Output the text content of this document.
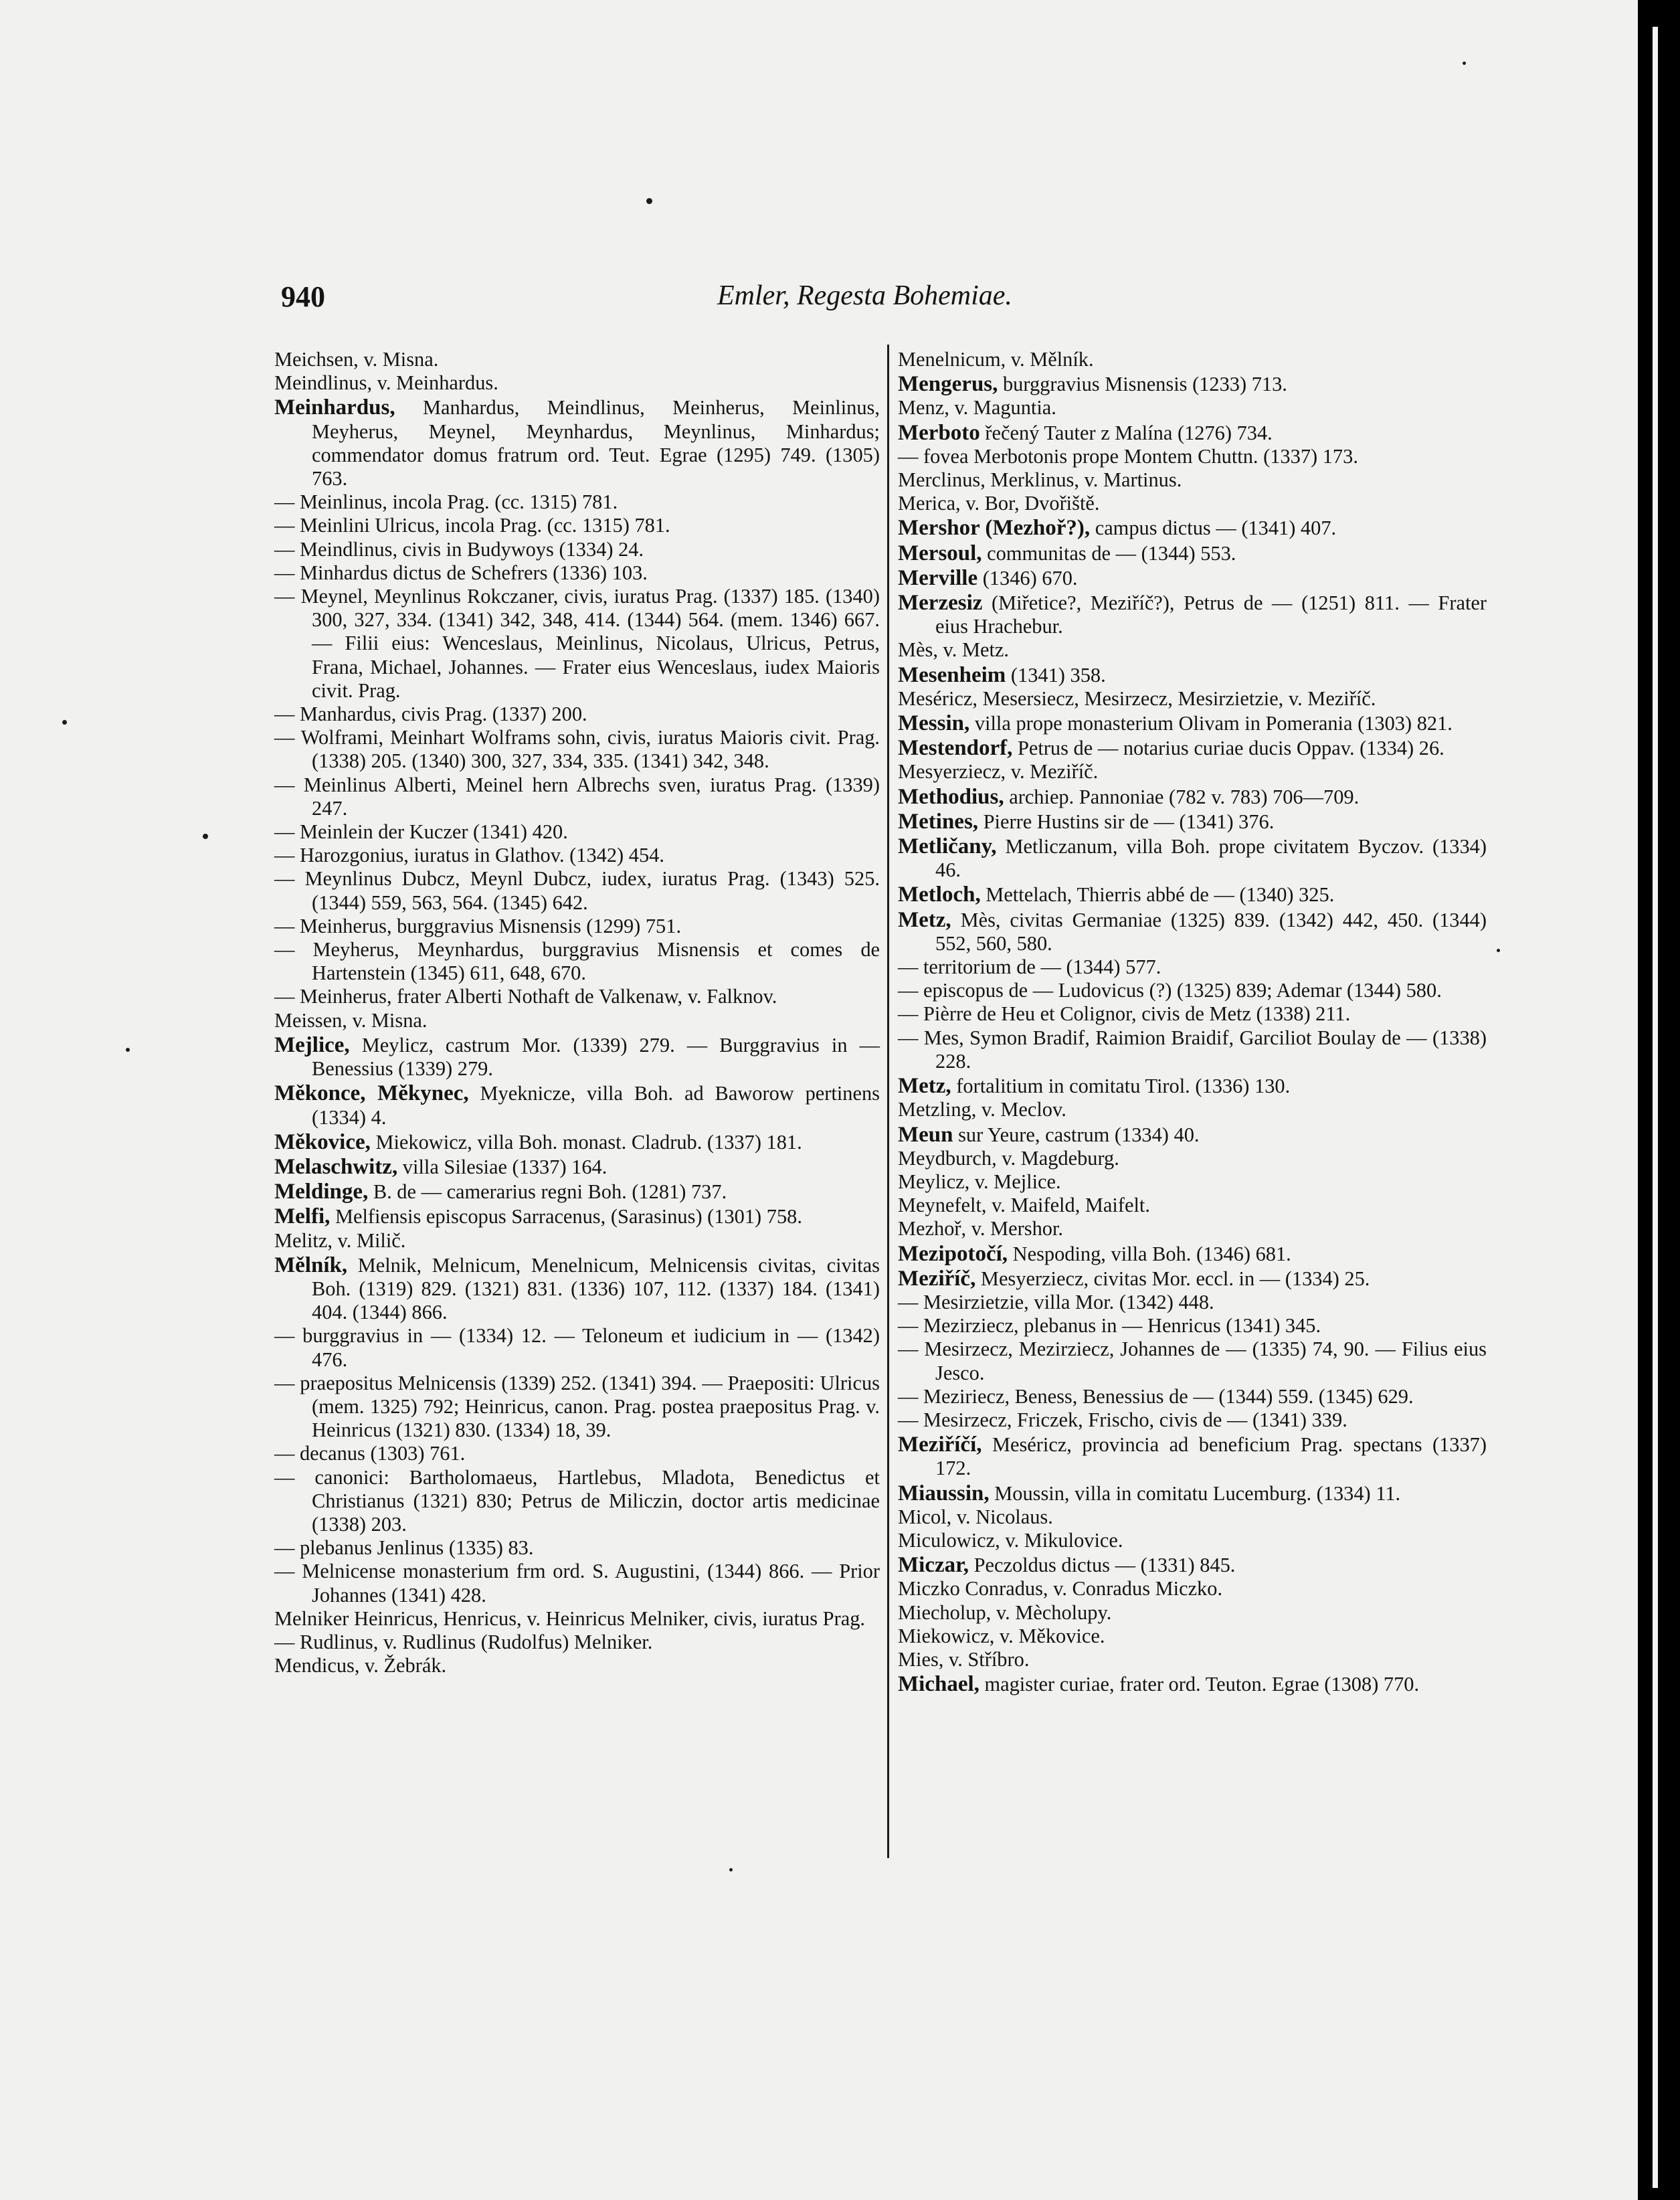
940	Emler, Regesta Bohemiae.
Meichsen, v. Misna.
Meindlinus, v. Meinhardus.
Meinhardus, Manhardus, Meindlinus, Meinherus, Meinlinus, Meyherus, Meynel, Meynhardus, Meynlinus, Minhardus; commendator domus fratrum ord. Teut. Egrae (1295) 749. (1305) 763.
— Meinlinus, incola Prag. (cc. 1315) 781.
— Meinlini Ulricus, incola Prag. (cc. 1315) 781.
— Meindlinus, civis in Budywoys (1334) 24.
— Minhardus dictus de Schefrers (1336) 103.
— Meynel, Meynlinus Rokczaner, civis, iuratus Prag. (1337) 185. (1340) 300, 327, 334. (1341) 342, 348, 414. (1344) 564. (mem. 1346) 667. — Filii eius: Wenceslaus, Meinlinus, Nicolaus, Ulricus, Petrus, Frana, Michael, Johannes. — Frater eius Wenceslaus, iudex Maioris civit. Prag.
— Manhardus, civis Prag. (1337) 200.
— Wolframi, Meinhart Wolframs sohn, civis, iuratus Maioris civit. Prag. (1338) 205. (1340) 300, 327, 334, 335. (1341) 342, 348.
— Meinlinus Alberti, Meinel hern Albrechs sven, iuratus Prag. (1339) 247.
— Meinlein der Kuczer (1341) 420.
— Harozgonius, iuratus in Glathov. (1342) 454.
— Meynlinus Dubcz, Meynl Dubcz, iudex, iuratus Prag. (1343) 525. (1344) 559, 563, 564. (1345) 642.
— Meinherus, burggravius Misnensis (1299) 751.
— Meyherus, Meynhardus, burggravius Misnensis et comes de Hartenstein (1345) 611, 648, 670.
— Meinherus, frater Alberti Nothaft de Valkenaw, v. Falknov.
Meissen, v. Misna.
Mejlice, Meylicz, castrum Mor. (1339) 279. — Burggravius in — Benessius (1339) 279.
Měkonce, Měkynec, Myeknicze, villa Boh. ad Baworow pertinens (1334) 4.
Měkovice, Miekowicz, villa Boh. monast. Cladrub. (1337) 181.
Melaschwitz, villa Silesiae (1337) 164.
Meldinge, B. de — camerarius regni Boh. (1281) 737.
Melfi, Melfiensis episcopus Sarracenus, (Sarasinus) (1301) 758.
Melitz, v. Milič.
Mělník, Melnik, Melnicum, Menelnicum, Melnicensis civitas, civitas Boh. (1319) 829. (1321) 831. (1336) 107, 112. (1337) 184. (1341) 404. (1344) 866.
— burggravius in — (1334) 12. — Teloneum et iudicium in — (1342) 476.
— praepositus Melnicensis (1339) 252. (1341) 394. — Praepositi: Ulricus (mem. 1325) 792; Heinricus, canon. Prag. postea praepositus Prag. v. Heinricus (1321) 830. (1334) 18, 39.
— decanus (1303) 761.
— canonici: Bartholomaeus, Hartlebus, Mladota, Benedictus et Christianus (1321) 830; Petrus de Miliczin, doctor artis medicinae (1338) 203.
— plebanus Jenlinus (1335) 83.
— Melnicense monasterium frm ord. S. Augustini, (1344) 866. — Prior Johannes (1341) 428.
Melniker Heinricus, Henricus, v. Heinricus Melniker, civis, iuratus Prag.
— Rudlinus, v. Rudlinus (Rudolfus) Melniker.
Mendicus, v. Žebrák.
Menelnicum, v. Mělník.
Mengerus, burggravius Misnensis (1233) 713.
Menz, v. Maguntia.
Merboto řečený Tauter z Malína (1276) 734.
— fovea Merbotonis prope Montem Chuttn. (1337) 173.
Merclinus, Merklinus, v. Martinus.
Merica, v. Bor, Dvořiště.
Mershor (Mezhoř?), campus dictus — (1341) 407.
Mersoul, communitas de — (1344) 553.
Merville (1346) 670.
Merzesiz (Miřetice?, Meziříč?), Petrus de — (1251) 811. — Frater eius Hrachebur.
Mès, v. Metz.
Mesenheim (1341) 358.
Meséricz, Mesersiecz, Mesirzecz, Mesirzietzie, v. Meziříč.
Messin, villa prope monasterium Olivam in Pomerania (1303) 821.
Mestendorf, Petrus de — notarius curiae ducis Oppav. (1334) 26.
Mesyerziecz, v. Meziříč.
Methodius, archiep. Pannoniae (782 v. 783) 706—709.
Metines, Pierre Hustins sir de — (1341) 376.
Metličany, Metliczanum, villa Boh. prope civitatem Byczov. (1334) 46.
Metloch, Mettelach, Thierris abbé de — (1340) 325.
Metz, Mès, civitas Germaniae (1325) 839. (1342) 442, 450. (1344) 552, 560, 580.
— territorium de — (1344) 577.
— episcopus de — Ludovicus (?) (1325) 839; Ademar (1344) 580.
— Pièrre de Heu et Colignor, civis de Metz (1338) 211.
— Mes, Symon Bradif, Raimion Braidif, Garciliot Boulay de — (1338) 228.
Metz, fortalitium in comitatu Tirol. (1336) 130.
Metzling, v. Meclov.
Meun sur Yeure, castrum (1334) 40.
Meydburch, v. Magdeburg.
Meylicz, v. Mejlice.
Meynefelt, v. Maifeld, Maifelt.
Mezhoř, v. Mershor.
Mezipotočí, Nespoding, villa Boh. (1346) 681.
Meziříč, Mesyerziecz, civitas Mor. eccl. in — (1334) 25.
— Mesirzietzie, villa Mor. (1342) 448.
— Mezirziecz, plebanus in — Henricus (1341) 345.
— Mesirzecz, Mezirziecz, Johannes de — (1335) 74, 90. — Filius eius Jesco.
— Meziriecz, Beness, Benessius de — (1344) 559. (1345) 629.
— Mesirzecz, Friczek, Frischo, civis de — (1341) 339.
Meziříčí, Meséricz, provincia ad beneficium Prag. spectans (1337) 172.
Miaussin, Moussin, villa in comitatu Lucemburg. (1334) 11.
Micol, v. Nicolaus.
Miculowicz, v. Mikulovice.
Miczar, Peczoldus dictus — (1331) 845.
Miczko Conradus, v. Conradus Miczko.
Miecholup, v. Mècholupy.
Miekowicz, v. Měkovice.
Mies, v. Stříbro.
Michael, magister curiae, frater ord. Teuton. Egrae (1308) 770.
